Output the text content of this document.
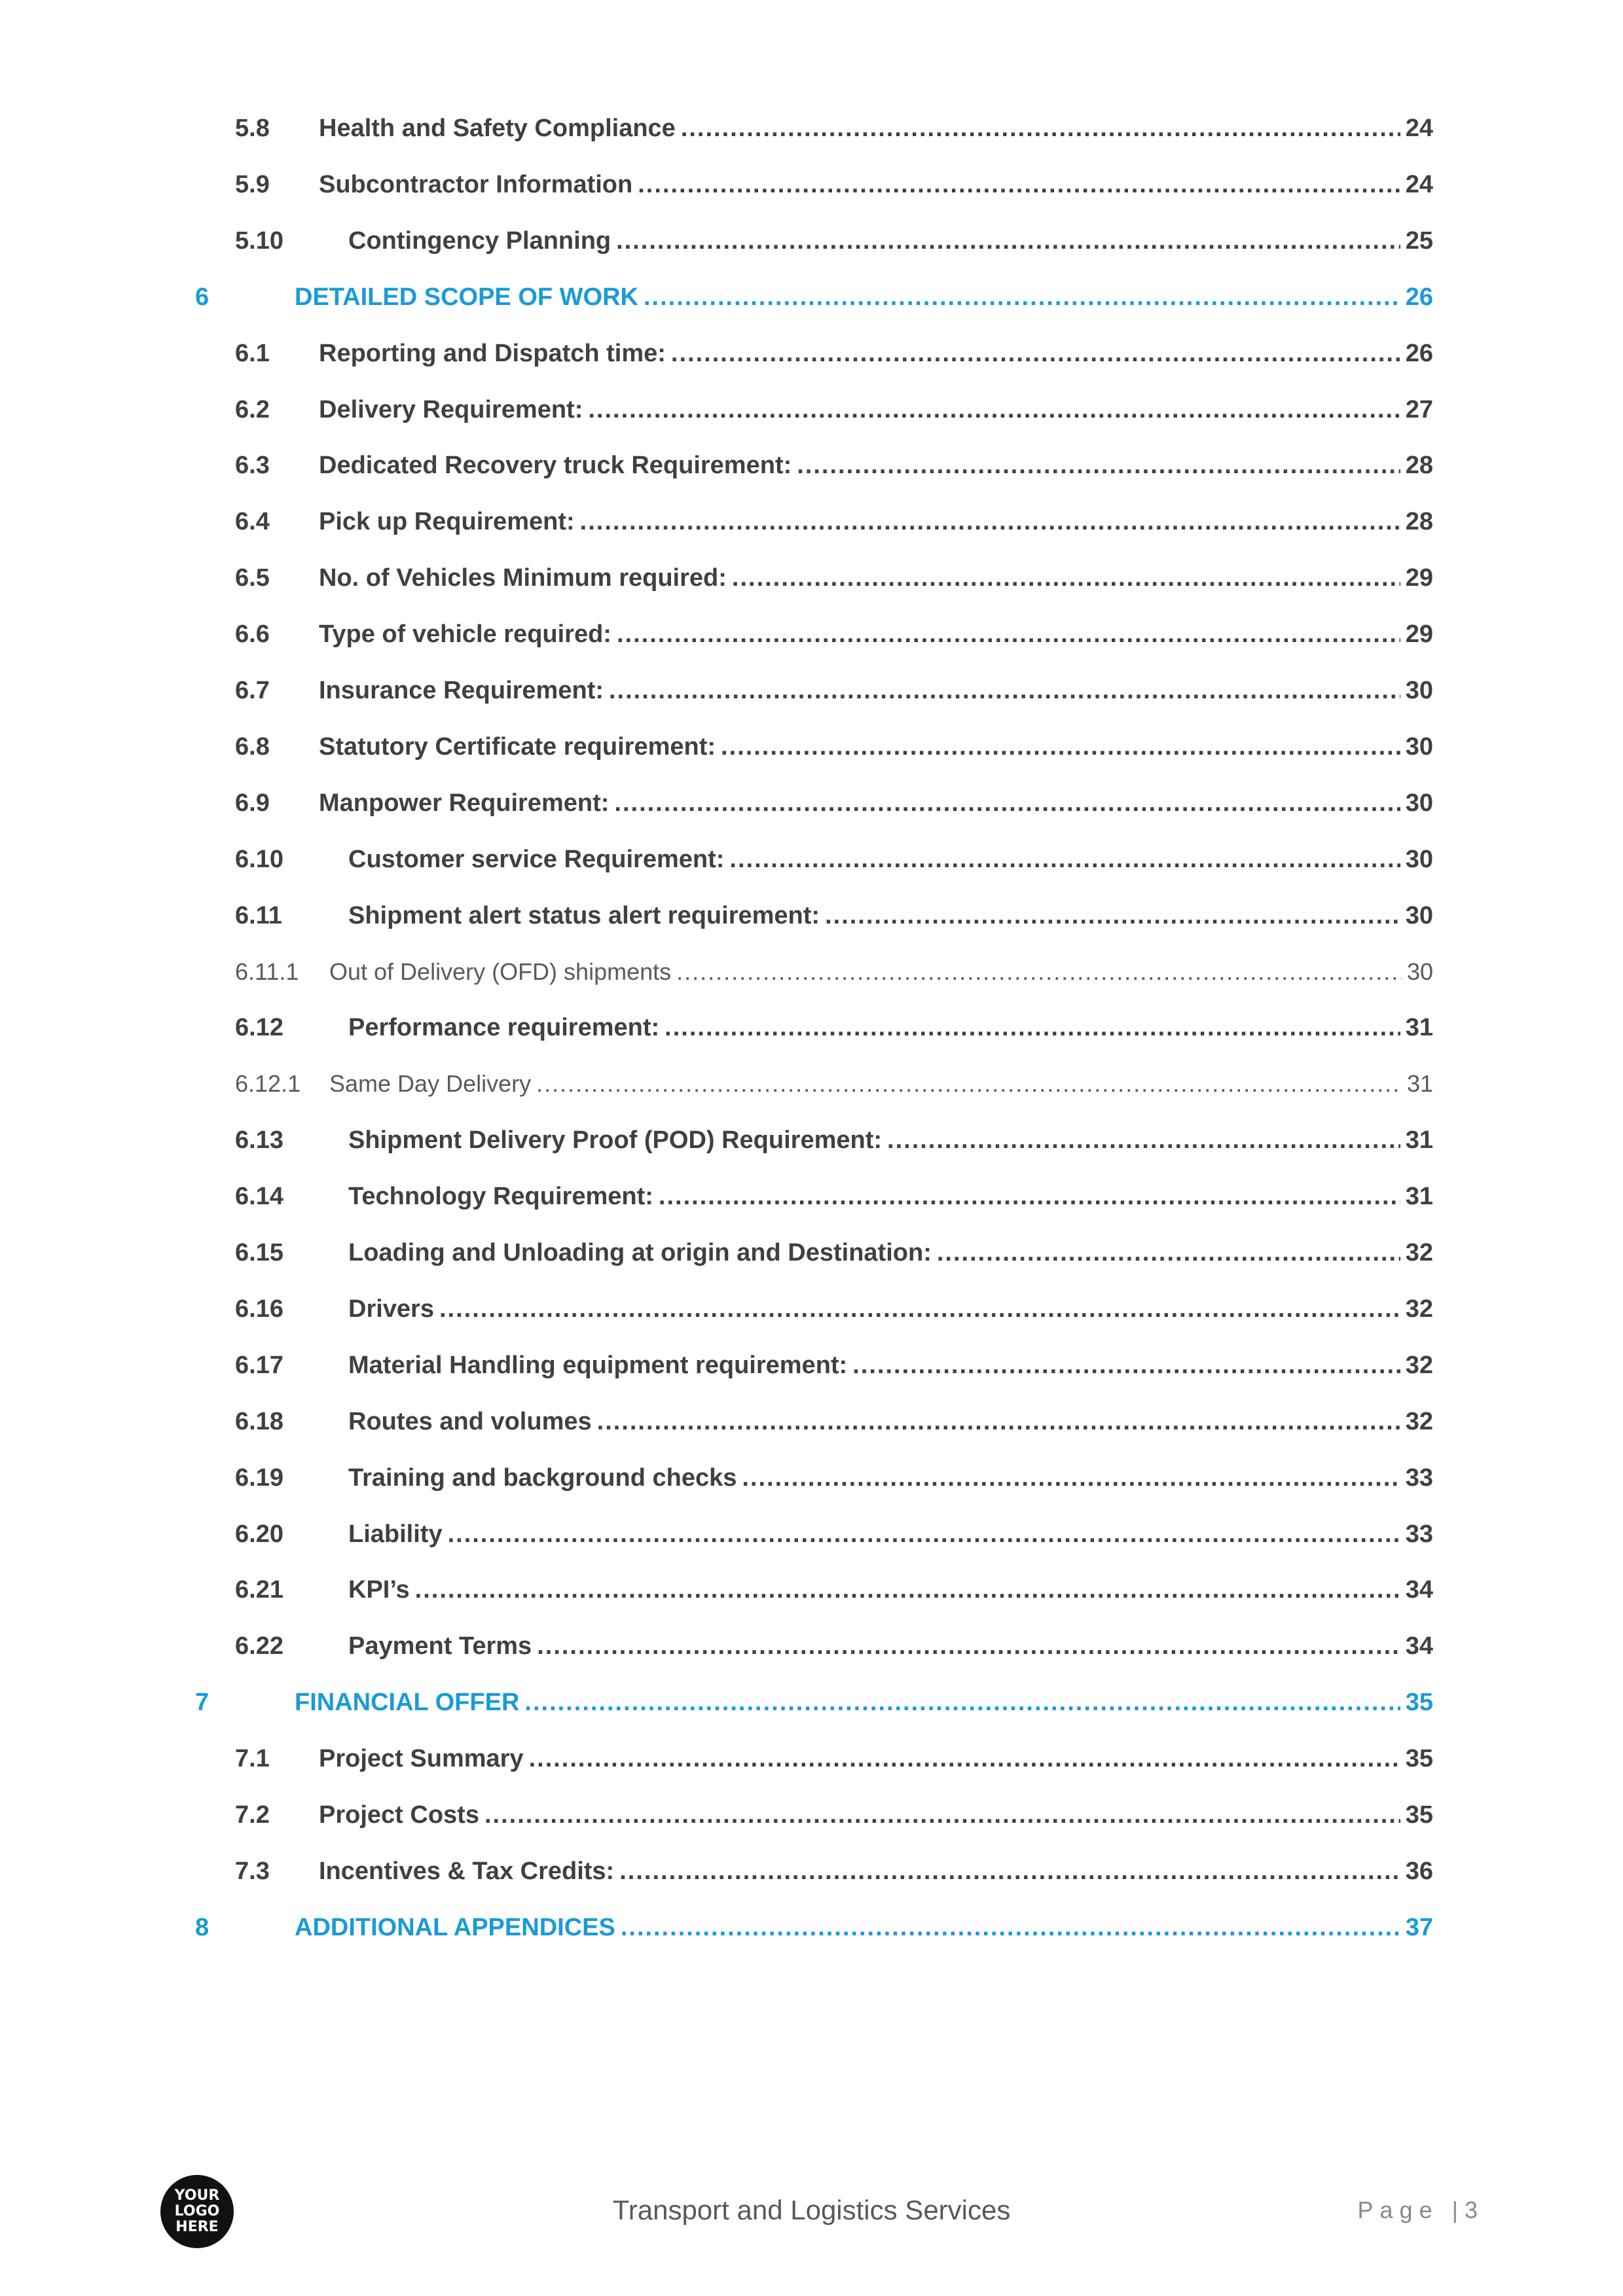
5.8	Health and Safety Compliance .....	24
5.9	Subcontractor Information .....	24
5.10	Contingency Planning .....	25
6	DETAILED SCOPE OF WORK .....	26
6.1	Reporting and Dispatch time: .....	26
6.2	Delivery Requirement: .....	27
6.3	Dedicated Recovery truck Requirement: .....	28
6.4	Pick up Requirement: .....	28
6.5	No. of Vehicles Minimum required: .....	29
6.6	Type of vehicle required: .....	29
6.7	Insurance Requirement: .....	30
6.8	Statutory Certificate requirement: .....	30
6.9	Manpower Requirement: .....	30
6.10	Customer service Requirement: .....	30
6.11	Shipment alert status alert requirement: .....	30
6.11.1	Out of Delivery (OFD) shipments .....	30
6.12	Performance requirement: .....	31
6.12.1	Same Day Delivery .....	31
6.13	Shipment Delivery Proof (POD) Requirement: .....	31
6.14	Technology Requirement: .....	31
6.15	Loading and Unloading at origin and Destination: .....	32
6.16	Drivers .....	32
6.17	Material Handling equipment requirement: .....	32
6.18	Routes and volumes .....	32
6.19	Training and background checks .....	33
6.20	Liability .....	33
6.21	KPI’s .....	34
6.22	Payment Terms .....	34
7	FINANCIAL OFFER .....	35
7.1	Project Summary .....	35
7.2	Project Costs .....	35
7.3	Incentives & Tax Credits: .....	36
8	ADDITIONAL APPENDICES .....	37
YOUR
LOGO
HERE
Transport and Logistics Services	Page |3
